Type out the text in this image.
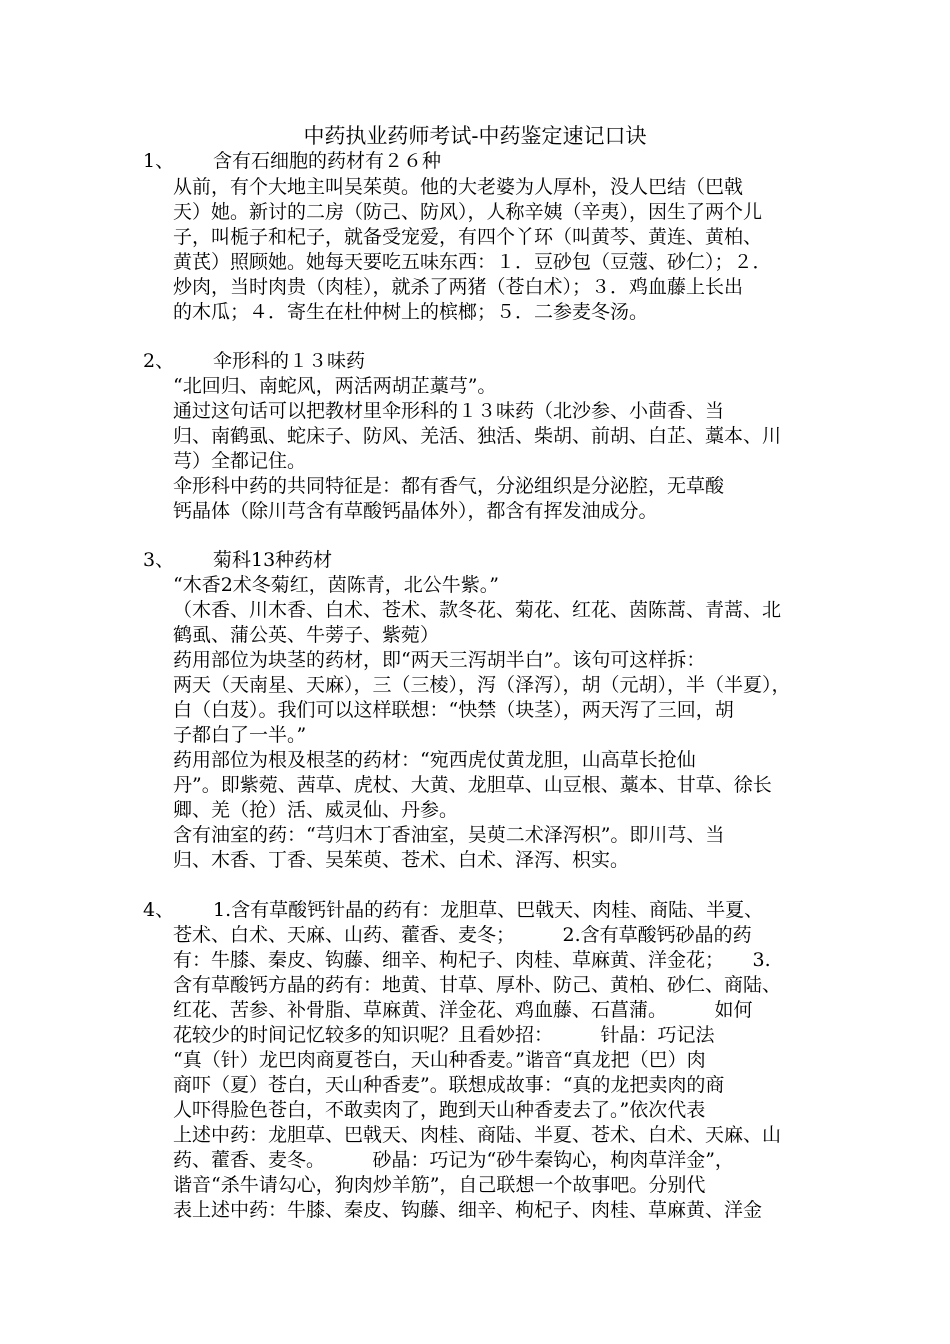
中药执业药师考试-中药鉴定速记口诀
1、 含有石细胞的药材有２６种
从前，有个大地主叫吴茱萸。他的大老婆为人厚朴，没人巴结（巴戟
天）她。新讨的二房（防己、防风），人称辛姨（辛夷），因生了两个儿
子，叫栀子和杞子，就备受宠爱，有四个丫环（叫黄芩、黄连、黄柏、
黄芪）照顾她。她每天要吃五味东西：１．豆砂包（豆蔻、砂仁）；２．
炒肉，当时肉贵（肉桂），就杀了两猪（苍白术）；３．鸡血藤上长出
的木瓜；４．寄生在杜仲树上的槟榔；５．二参麦冬汤。
2、 伞形科的１３味药
“北回归、南蛇风，两活两胡芷藁芎”。
通过这句话可以把教材里伞形科的１３味药（北沙参、小茴香、当
归、南鹤虱、蛇床子、防风、羌活、独活、柴胡、前胡、白芷、藁本、川
芎）全都记住。
伞形科中药的共同特征是：都有香气，分泌组织是分泌腔，无草酸
钙晶体（除川芎含有草酸钙晶体外），都含有挥发油成分。
3、 菊科13种药材
“木香2术冬菊红，茵陈青，北公牛紫。”
（木香、川木香、白术、苍术、款冬花、菊花、红花、茵陈蒿、青蒿、北
鹤虱、蒲公英、牛蒡子、紫菀）
药用部位为块茎的药材，即“两天三泻胡半白”。该句可这样拆：
两天（天南星、天麻），三（三棱），泻（泽泻），胡（元胡），半（半夏），
白（白芨）。我们可以这样联想：“快禁（块茎），两天泻了三回，胡
子都白了一半。”
药用部位为根及根茎的药材：“宛西虎仗黄龙胆，山高草长抢仙
丹”。即紫菀、茜草、虎杖、大黄、龙胆草、山豆根、藁本、甘草、徐长
卿、羌（抢）活、威灵仙、丹参。
含有油室的药：“芎归木丁香油室，吴萸二术泽泻枳”。即川芎、当
归、木香、丁香、吴茱萸、苍术、白术、泽泻、枳实。
4、 1.含有草酸钙针晶的药有：龙胆草、巴戟天、肉桂、商陆、半夏、
苍术、白术、天麻、山药、藿香、麦冬；　　　2.含有草酸钙砂晶的药
有：牛膝、秦皮、钩藤、细辛、枸杞子、肉桂、草麻黄、洋金花；　　3.
含有草酸钙方晶的药有：地黄、甘草、厚朴、防己、黄柏、砂仁、商陆、
红花、苦参、补骨脂、草麻黄、洋金花、鸡血藤、石菖蒲。　　　如何
花较少的时间记忆较多的知识呢？且看妙招：　　　针晶：巧记法
“真（针）龙巴肉商夏苍白，天山种香麦。”谐音“真龙把（巴）肉
商吓（夏）苍白，天山种香麦”。联想成故事：“真的龙把卖肉的商
人吓得脸色苍白，不敢卖肉了，跑到天山种香麦去了。”依次代表
上述中药：龙胆草、巴戟天、肉桂、商陆、半夏、苍术、白术、天麻、山
药、藿香、麦冬。　　　砂晶：巧记为“砂牛秦钩心，枸肉草洋金”，
谐音“杀牛请勾心，狗肉炒羊筋”，自己联想一个故事吧。分别代
表上述中药：牛膝、秦皮、钩藤、细辛、枸杞子、肉桂、草麻黄、洋金
